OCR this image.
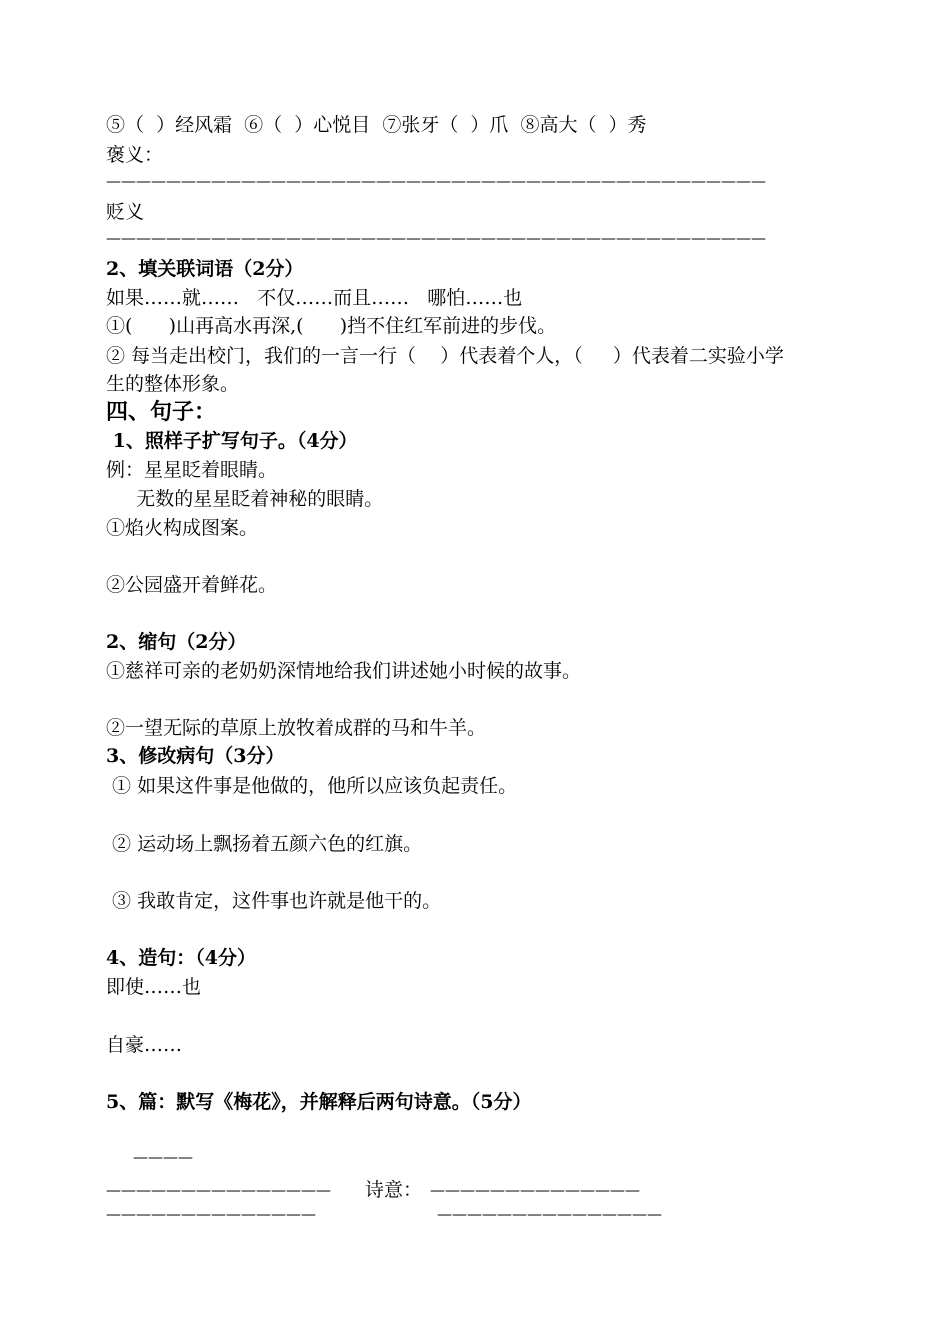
⑤（  ）经风霜  ⑥（  ）心悦目  ⑦张牙（  ）爪  ⑧高大（  ）秀
褒义：
————————————————————————————————————————————
贬义
————————————————————————————————————————————
2、填关联词语（2分）
如果……就……   不仅……而且……   哪怕……也
①(      )山再高水再深,(      )挡不住红军前进的步伐。
② 每当走出校门，我们的一言一行（    ）代表着个人，（     ）代表着二实验小学
生的整体形象。
四、句子：
1、照样子扩写句子。（4分）
例：星星眨着眼睛。
无数的星星眨着神秘的眼睛。
①焰火构成图案。
②公园盛开着鲜花。
2、缩句（2分）
①慈祥可亲的老奶奶深情地给我们讲述她小时候的故事。
②一望无际的草原上放牧着成群的马和牛羊。
3、修改病句（3分）
① 如果这件事是他做的，他所以应该负起责任。
② 运动场上飘扬着五颜六色的红旗。
③ 我敢肯定，这件事也许就是他干的。
4、造句：（4分）
即使……也
自豪……
5、篇：默写《梅花》，并解释后两句诗意。（5分）
————
———————————————	诗意： ——————————————
——————————————	———————————————
